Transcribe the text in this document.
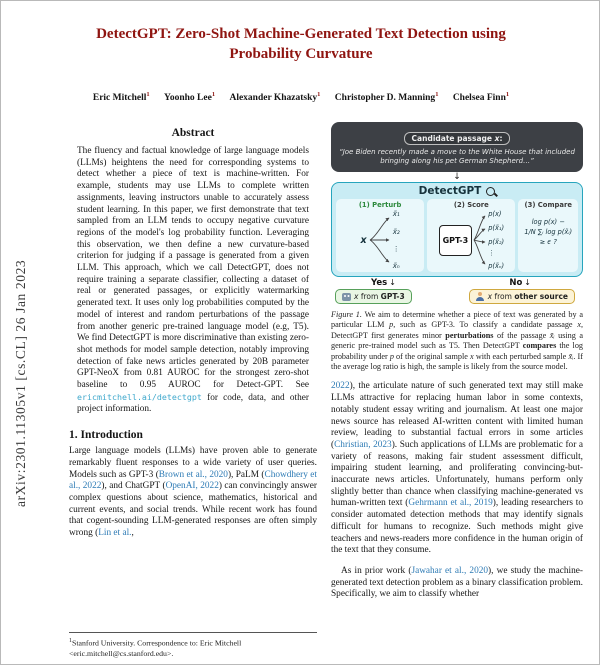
arXiv:2301.11305v1 [cs.CL] 26 Jan 2023
DetectGPT: Zero-Shot Machine-Generated Text Detection using Probability Curvature
Eric Mitchell$^1$ Yoonho Lee$^1$ Alexander Khazatsky$^1$ Christopher D. Manning$^1$ Chelsea Finn$^1$
Abstract
The fluency and factual knowledge of large language models (LLMs) heightens the need for corresponding systems to detect whether a piece of text is machine-written. For example, students may use LLMs to complete written assignments, leaving instructors unable to accurately assess student learning. In this paper, we first demonstrate that text sampled from an LLM tends to occupy negative curvature regions of the model's log probability function. Leveraging this observation, we then define a new curvature-based criterion for judging if a passage is generated from a given LLM. This approach, which we call DetectGPT, does not require training a separate classifier, collecting a dataset of real or generated passages, or explicitly watermarking generated text. It uses only log probabilities computed by the model of interest and random perturbations of the passage from another generic pre-trained language model (e.g, T5). We find DetectGPT is more discriminative than existing zero-shot methods for model sample detection, notably improving detection of fake news articles generated by 20B parameter GPT-NeoX from 0.81 AUROC for the strongest zero-shot baseline to 0.95 AUROC for Detect-GPT. See ericmitchell.ai/detectgpt for code, data, and other project information.
1. Introduction
Large language models (LLMs) have proven able to generate remarkably fluent responses to a wide variety of user queries. Models such as GPT-3 (Brown et al., 2020), PaLM (Chowdhery et al., 2022), and ChatGPT (OpenAI, 2022) can convincingly answer complex questions about science, mathematics, historical and current events, and social trends. While recent work has found that cogent-sounding LLM-generated responses are often simply wrong (Lin et al.,
$^1$Stanford University. Correspondence to: Eric Mitchell <eric.mitchell@cs.stanford.edu>.
Candidate passage x:
“Joe Biden recently made a move to the White House that included bringing along his pet German Shepherd…”
↓
DetectGPT
(1) Perturb
x
x̃₁
x̃₂
⋮
x̃ₙ
(2) Score
GPT-3
p(x)
p(x̃₁)
p(x̃₂)
⋮
p(x̃ₙ)
(3) Compare
log p(x) −
1/N ∑ᵢ log p(x̃ᵢ)
≥ ϵ ?
Yes ↓	No ↓
x from GPT-3	x from other source
Figure 1. We aim to determine whether a piece of text was generated by a particular LLM p, such as GPT-3. To classify a candidate passage x, DetectGPT first generates minor perturbations of the passage x̃ᵢ using a generic pre-trained model such as T5. Then DetectGPT compares the log probability under p of the original sample x with each perturbed sample x̃ᵢ. If the average log ratio is high, the sample is likely from the source model.
2022), the articulate nature of such generated text may still make LLMs attractive for replacing human labor in some contexts, notably student essay writing and journalism. At least one major news source has released AI-written content with limited human review, leading to substantial factual errors in some articles (Christian, 2023). Such applications of LLMs are problematic for a variety of reasons, making fair student assessment difficult, impairing student learning, and proliferating convincing-but-inaccurate news articles. Unfortunately, humans perform only slightly better than chance when classifying machine-generated vs human-written text (Gehrmann et al., 2019), leading researchers to consider automated detection methods that may identify signals difficult for humans to recognize. Such methods might give teachers and news-readers more confidence in the human origin of the text that they consume.
As in prior work (Jawahar et al., 2020), we study the machine-generated text detection problem as a binary classification problem. Specifically, we aim to classify whether
